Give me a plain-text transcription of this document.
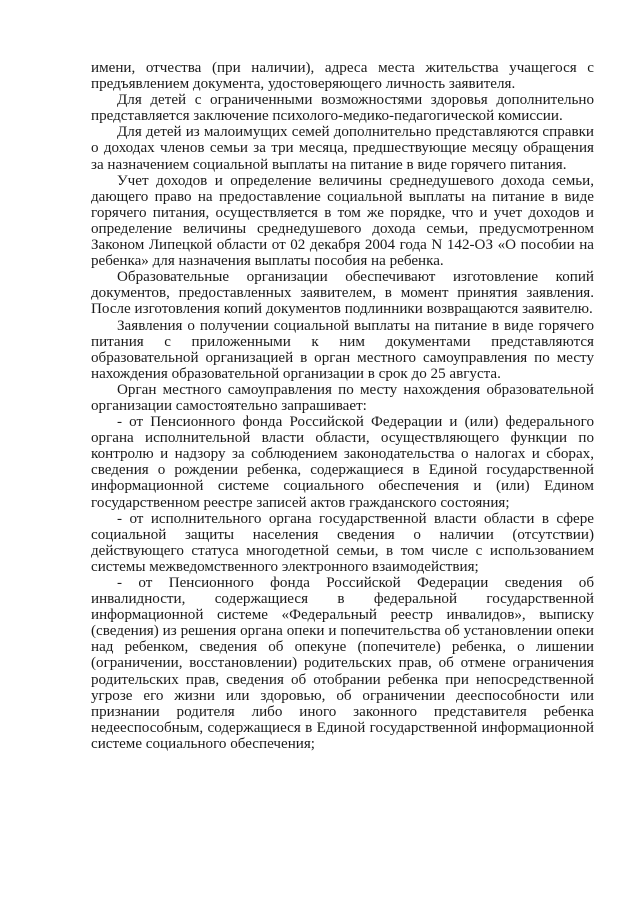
имени, отчества (при наличии), адреса места жительства учащегося с предъявлением документа, удостоверяющего личность заявителя.

Для детей с ограниченными возможностями здоровья дополнительно представляется заключение психолого-медико-педагогической комиссии.

Для детей из малоимущих семей дополнительно представляются справки о доходах членов семьи за три месяца, предшествующие месяцу обращения за назначением социальной выплаты на питание в виде горячего питания.

Учет доходов и определение величины среднедушевого дохода семьи, дающего право на предоставление социальной выплаты на питание в виде горячего питания, осуществляется в том же порядке, что и учет доходов и определение величины среднедушевого дохода семьи, предусмотренном Законом Липецкой области от 02 декабря 2004 года N 142-ОЗ «О пособии на ребенка» для назначения выплаты пособия на ребенка.

Образовательные организации обеспечивают изготовление копий документов, предоставленных заявителем, в момент принятия заявления. После изготовления копий документов подлинники возвращаются заявителю.

Заявления о получении социальной выплаты на питание в виде горячего питания с приложенными к ним документами представляются образовательной организацией в орган местного самоуправления по месту нахождения образовательной организации в срок до 25 августа.

Орган местного самоуправления по месту нахождения образовательной организации самостоятельно запрашивает:

- от Пенсионного фонда Российской Федерации и (или) федерального органа исполнительной власти области, осуществляющего функции по контролю и надзору за соблюдением законодательства о налогах и сборах, сведения о рождении ребенка, содержащиеся в Единой государственной информационной системе социального обеспечения и (или) Едином государственном реестре записей актов гражданского состояния;

- от исполнительного органа государственной власти области в сфере социальной защиты населения сведения о наличии (отсутствии) действующего статуса многодетной семьи, в том числе с использованием системы межведомственного электронного взаимодействия;

- от Пенсионного фонда Российской Федерации сведения об инвалидности, содержащиеся в федеральной государственной информационной системе «Федеральный реестр инвалидов», выписку (сведения) из решения органа опеки и попечительства об установлении опеки над ребенком, сведения об опекуне (попечителе) ребенка, о лишении (ограничении, восстановлении) родительских прав, об отмене ограничения родительских прав, сведения об отобрании ребенка при непосредственной угрозе его жизни или здоровью, об ограничении дееспособности или признании родителя либо иного законного представителя ребенка недееспособным, содержащиеся в Единой государственной информационной системе социального обеспечения;
